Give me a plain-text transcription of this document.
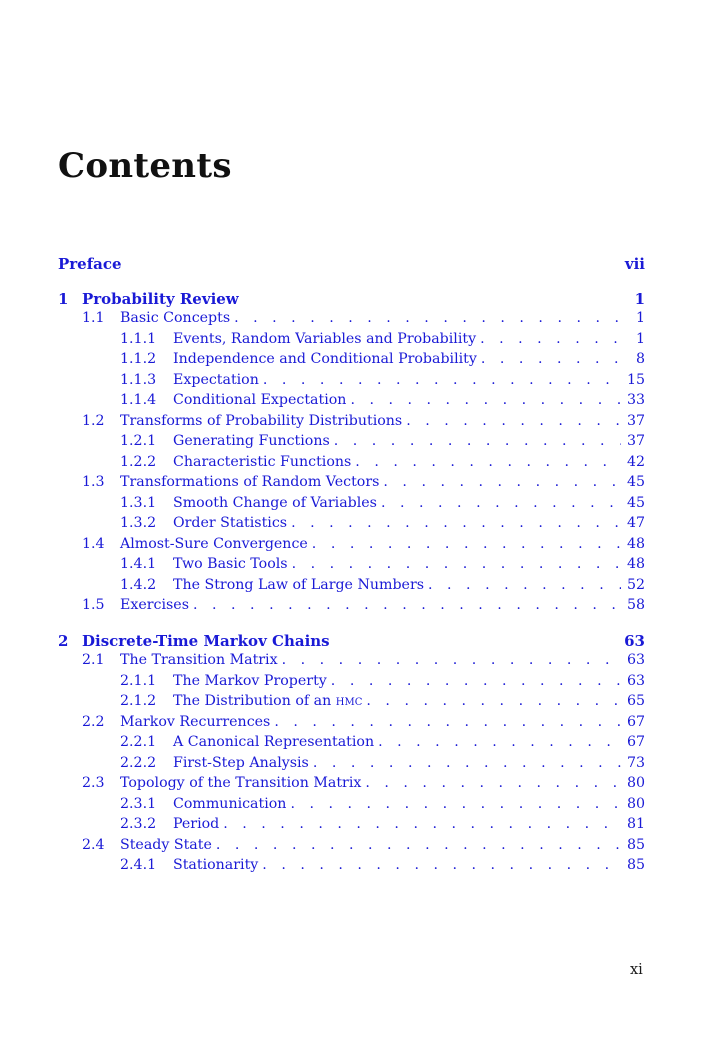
Contents
Preface	vii
1 Probability Review	1
1.1	Basic Concepts . . .	1
1.1.1	Events, Random Variables and Probability . . .	1
1.1.2	Independence and Conditional Probability . . .	8
1.1.3	Expectation . . .	15
1.1.4	Conditional Expectation . . .	33
1.2	Transforms of Probability Distributions . . .	37
1.2.1	Generating Functions . . .	37
1.2.2	Characteristic Functions . . .	42
1.3	Transformations of Random Vectors . . .	45
1.3.1	Smooth Change of Variables . . .	45
1.3.2	Order Statistics . . .	47
1.4	Almost-Sure Convergence . . .	48
1.4.1	Two Basic Tools . . .	48
1.4.2	The Strong Law of Large Numbers . . .	52
1.5	Exercises . . .	58
2 Discrete-Time Markov Chains	63
2.1	The Transition Matrix . . .	63
2.1.1	The Markov Property . . .	63
2.1.2	The Distribution of an hmc . . .	65
2.2	Markov Recurrences . . .	67
2.2.1	A Canonical Representation . . .	67
2.2.2	First-Step Analysis . . .	73
2.3	Topology of the Transition Matrix . . .	80
2.3.1	Communication . . .	80
2.3.2	Period . . .	81
2.4	Steady State . . .	85
2.4.1	Stationarity . . .	85
xi
